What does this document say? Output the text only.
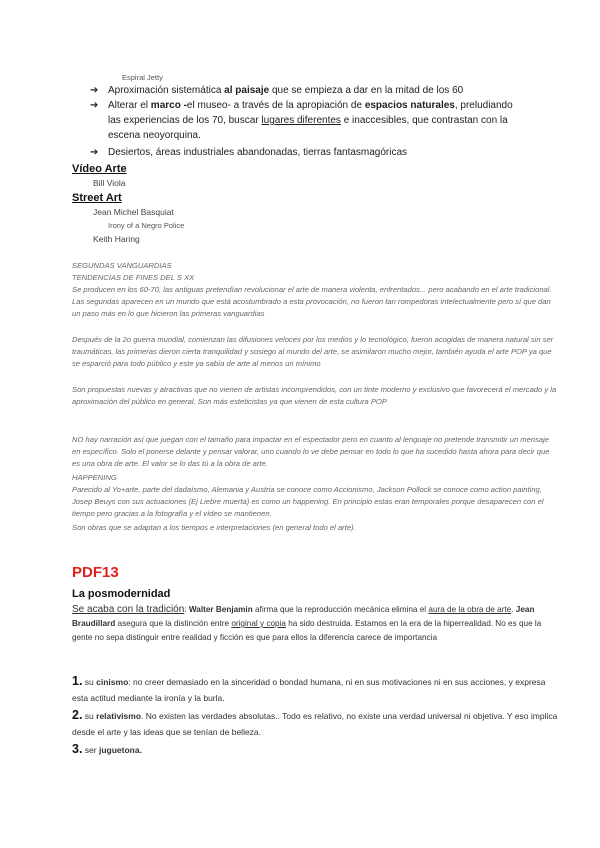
Espiral Jetty
➔ Aproximación sistemática al paisaje que se empieza a dar en la mitad de los 60
➔ Alterar el marco -el museo- a través de la apropiación de espacios naturales, preludiando
las experiencias de los 70, buscar lugares diferentes e inaccesibles, que contrastan con la
escena neoyorquina.
➔ Desiertos, áreas industriales abandonadas, tierras fantasmagóricas
Vídeo Arte
Bill Viola
Street Art
Jean Michel Basquiat
Irony of a Negro Police
Keith Haring
SEGUNDAS VANGUARDIAS
TENDENCIAS DE FINES DEL S XX
Se producen en los 60-70, las antiguas pretendían revolucionar el arte de manera violenta, enfrentados... pero acabando en el arte tradicional. Las segundas aparecen en un mundo que está acostumbrado a esta provocación, no fueron tan rompedoras intelectualmente pero sí que dan un paso más en lo que hicieron las primeras vanguardias
Después de la 2o guerra mundial, comienzan las difusiones veloces por los medios y lo tecnológico, fueron acogidas de manera natural sin ser traumáticas, las primeras dieron cierta tranquilidad y sosiego al mundo del arte, se asimilaron mucho mejor, también ayuda el arte POP ya que se esparció para todo público y este ya sabía de arte al menos un mínimo
Son propuestas nuevas y atractivas que no vienen de artistas incomprendidos, con un tinte moderno y exclusivo que favorecerá el mercado y la aproximación del público en general. Son más esteticistas ya que vienen de esta cultura POP
NO hay narración así que juegan con el tamaño para impactar en el espectador pero en cuanto al lenguaje no pretende transmitir un mensaje en específico. Solo el ponerse delante y pensar valorar, uno cuando lo ve debe pensar en todo lo que ha sucedido hasta ahora para decir que es una obra de arte. El valor se lo das tú a la obra de arte.
HAPPENING
Parecido al Yo+arte, parte del dadaísmo, Alemania y Austria se conoce como Accionismo, Jackson Pollock se conoce como action painting, Josep Beuys con sus actuaciones (Ej Liebre muerta) es como un happening. En principio estas eran temporales porque desaparecen con el tiempo pero gracias a la fotografía y el vídeo se mantienen.
Son obras que se adaptan a los tiempos e interpretaciones (en general todo el arte).
PDF13
La posmodernidad
Se acaba con la tradición: Walter Benjamin afirma que la reproducción mecánica elimina el aura de la obra de arte. Jean Braudillard asegura que la distinción entre original y copia ha sido destruida. Estamos en la era de la hiperrealidad. No es que la gente no sepa distinguir entre realidad y ficción es que para ellos la diferencia carece de importancia
1. su cinismo: no creer demasiado en la sinceridad o bondad humana, ni en sus motivaciones ni en sus acciones, y expresa esta actitud mediante la ironía y la burla.
2. su relativismo. No existen las verdades absolutas.. Todo es relativo, no existe una verdad universal ni objetiva. Y eso implica desde el arte y las ideas que se tenían de belleza.
3. ser juguetona.
